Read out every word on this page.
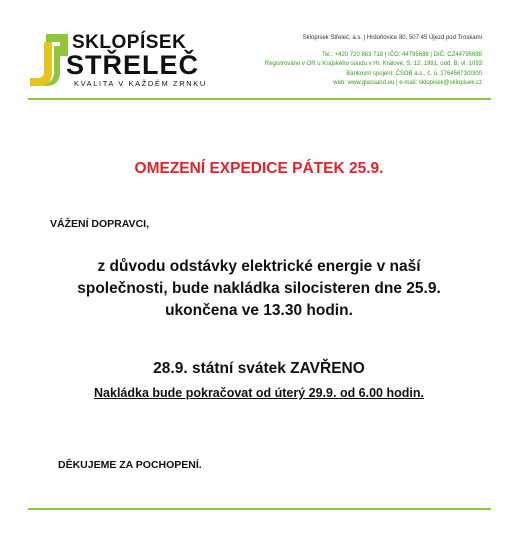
SKLOPÍSEK
STŘELEČ
KVALITA V KAŽDÉM ZRNKU
Sklopísek Střeleč, a.s. | Hrdoňovice 80, 507 45 Újezd pod Troskami
Tel.: +420 720 863 718 | IČO: 44795688 | DIČ: CZ44795688
Registrováno v OR u Krajského soudu v Hr. Králové, S. 12. 1991, odd. B, vl. 1093
Bankovní spojení: ČSOB a.s., č. ú. 17645673/0300
web: www.glassand.eu | e-mail: sklopisek@sklopisek.cz
OMEZENÍ EXPEDICE PÁTEK 25.9.
VÁŽENÍ DOPRAVCI,
z důvodu odstávky elektrické energie v naší
společnosti, bude nakládka silocisteren dne 25.9.
ukončena ve 13.30 hodin.
28.9. státní svátek ZAVŘENO
Nakládka bude pokračovat od úterý 29.9. od 6.00 hodin.
DĚKUJEME ZA POCHOPENÍ.
